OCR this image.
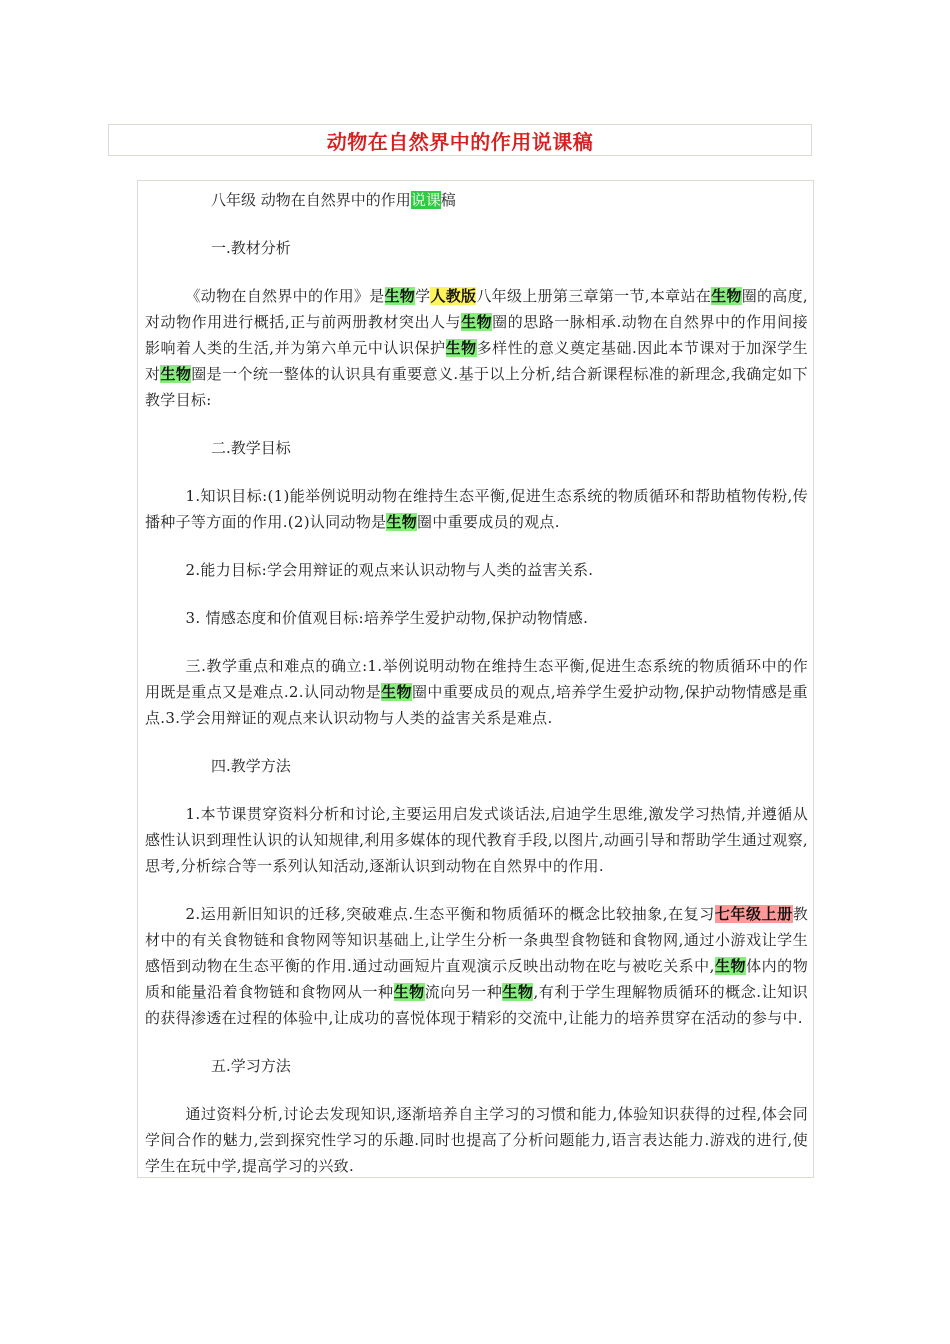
动物在自然界中的作用说课稿

八年级 动物在自然界中的作用说课稿

一.教材分析

《动物在自然界中的作用》是生物学人教版八年级上册第三章第一节,本章站在生物圈的高度,对动物作用进行概括,正与前两册教材突出人与生物圈的思路一脉相承.动物在自然界中的作用间接影响着人类的生活,并为第六单元中认识保护生物多样性的意义奠定基础.因此本节课对于加深学生对生物圈是一个统一整体的认识具有重要意义.基于以上分析,结合新课程标准的新理念,我确定如下教学目标:

二.教学目标

1.知识目标:(1)能举例说明动物在维持生态平衡,促进生态系统的物质循环和帮助植物传粉,传播种子等方面的作用.(2)认同动物是生物圈中重要成员的观点.

2.能力目标:学会用辩证的观点来认识动物与人类的益害关系.

3. 情感态度和价值观目标:培养学生爱护动物,保护动物情感.

三.教学重点和难点的确立:1.举例说明动物在维持生态平衡,促进生态系统的物质循环中的作用既是重点又是难点.2.认同动物是生物圈中重要成员的观点,培养学生爱护动物,保护动物情感是重点.3.学会用辩证的观点来认识动物与人类的益害关系是难点.

四.教学方法

1.本节课贯穿资料分析和讨论,主要运用启发式谈话法,启迪学生思维,激发学习热情,并遵循从感性认识到理性认识的认知规律,利用多媒体的现代教育手段,以图片,动画引导和帮助学生通过观察,思考,分析综合等一系列认知活动,逐渐认识到动物在自然界中的作用.

2.运用新旧知识的迁移,突破难点.生态平衡和物质循环的概念比较抽象,在复习七年级上册教材中的有关食物链和食物网等知识基础上,让学生分析一条典型食物链和食物网,通过小游戏让学生感悟到动物在生态平衡的作用.通过动画短片直观演示反映出动物在吃与被吃关系中,生物体内的物质和能量沿着食物链和食物网从一种生物流向另一种生物,有利于学生理解物质循环的概念.让知识的获得渗透在过程的体验中,让成功的喜悦体现于精彩的交流中,让能力的培养贯穿在活动的参与中.

五.学习方法

通过资料分析,讨论去发现知识,逐渐培养自主学习的习惯和能力,体验知识获得的过程,体会同学间合作的魅力,尝到探究性学习的乐趣.同时也提高了分析问题能力,语言表达能力.游戏的进行,使学生在玩中学,提高学习的兴致.
